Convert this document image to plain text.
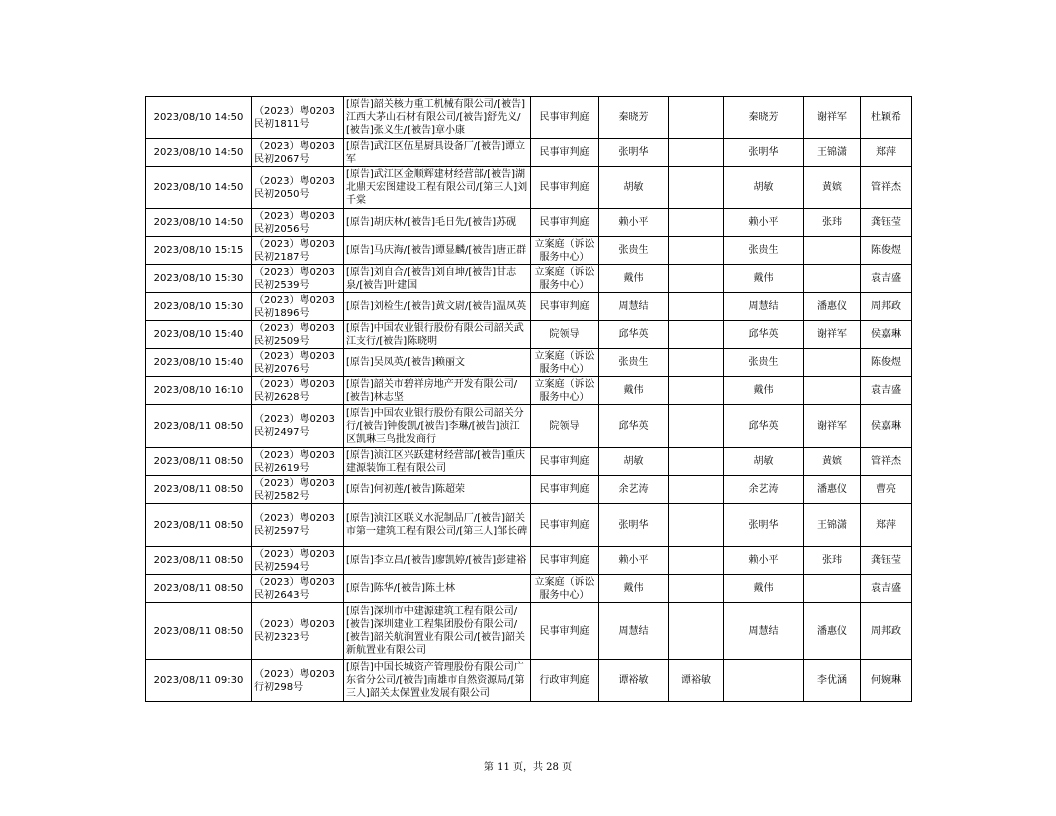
2023/08/10 14:50	（2023）粤0203民初1811号	[原告]韶关核力重工机械有限公司/[被告]江西大茅山石材有限公司/[被告]舒先义/[被告]张义生/[被告]章小康	民事审判庭	秦晓芳		秦晓芳	谢祥军	杜颖希
2023/08/10 14:50	（2023）粤0203民初2067号	[原告]武江区伍星厨具设备厂/[被告]谭立军	民事审判庭	张明华		张明华	王锦潇	郑萍
2023/08/10 14:50	（2023）粤0203民初2050号	[原告]武江区金顺辉建材经营部/[被告]湖北鼎天宏图建设工程有限公司/[第三人]刘千棠	民事审判庭	胡敏		胡敏	黄嫔	管祥杰
2023/08/10 14:50	（2023）粤0203民初2056号	[原告]胡庆林/[被告]毛日先/[被告]苏砚	民事审判庭	赖小平		赖小平	张玮	龚钰莹
2023/08/10 15:15	（2023）粤0203民初2187号	[原告]马庆海/[被告]谭显麟/[被告]唐正群	立案庭（诉讼服务中心）	张贵生		张贵生		陈俊煜
2023/08/10 15:30	（2023）粤0203民初2539号	[原告]刘自合/[被告]刘自坤/[被告]甘志泉/[被告]叶建国	立案庭（诉讼服务中心）	戴伟		戴伟		袁吉盛
2023/08/10 15:30	（2023）粤0203民初1896号	[原告]刘检生/[被告]黄文尉/[被告]温凤英	民事审判庭	周慧结		周慧结	潘惠仪	周邦政
2023/08/10 15:40	（2023）粤0203民初2509号	[原告]中国农业银行股份有限公司韶关武江支行/[被告]陈晓明	院领导	邱华英		邱华英	谢祥军	侯嘉琳
2023/08/10 15:40	（2023）粤0203民初2076号	[原告]吴凤英/[被告]赖丽文	立案庭（诉讼服务中心）	张贵生		张贵生		陈俊煜
2023/08/10 16:10	（2023）粤0203民初2628号	[原告]韶关市碧祥房地产开发有限公司/[被告]林志坚	立案庭（诉讼服务中心）	戴伟		戴伟		袁吉盛
2023/08/11 08:50	（2023）粤0203民初2497号	[原告]中国农业银行股份有限公司韶关分行/[被告]钟俊凯/[被告]李琳/[被告]浈江区凯琳三鸟批发商行	院领导	邱华英		邱华英	谢祥军	侯嘉琳
2023/08/11 08:50	（2023）粤0203民初2619号	[原告]浈江区兴跃建材经营部/[被告]重庆建源装饰工程有限公司	民事审判庭	胡敏		胡敏	黄嫔	管祥杰
2023/08/11 08:50	（2023）粤0203民初2582号	[原告]何初莲/[被告]陈超荣	民事审判庭	余艺涛		余艺涛	潘惠仪	曹亮
2023/08/11 08:50	（2023）粤0203民初2597号	[原告]浈江区联义水泥制品厂/[被告]韶关市第一建筑工程有限公司/[第三人]邹长碑	民事审判庭	张明华		张明华	王锦潇	郑萍
2023/08/11 08:50	（2023）粤0203民初2594号	[原告]李立昌/[被告]廖凯婷/[被告]彭建裕	民事审判庭	赖小平		赖小平	张玮	龚钰莹
2023/08/11 08:50	（2023）粤0203民初2643号	[原告]陈华/[被告]陈土林	立案庭（诉讼服务中心）	戴伟		戴伟		袁吉盛
2023/08/11 08:50	（2023）粤0203民初2323号	[原告]深圳市中建源建筑工程有限公司/[被告]深圳建业工程集团股份有限公司/[被告]韶关航润置业有限公司/[被告]韶关新航置业有限公司	民事审判庭	周慧结		周慧结	潘惠仪	周邦政
2023/08/11 09:30	（2023）粤0203行初298号	[原告]中国长城资产管理股份有限公司广东省分公司/[被告]南雄市自然资源局/[第三人]韶关太保置业发展有限公司	行政审判庭	谭裕敏	谭裕敏		李优涵	何婉琳
第 11 页，共 28 页
